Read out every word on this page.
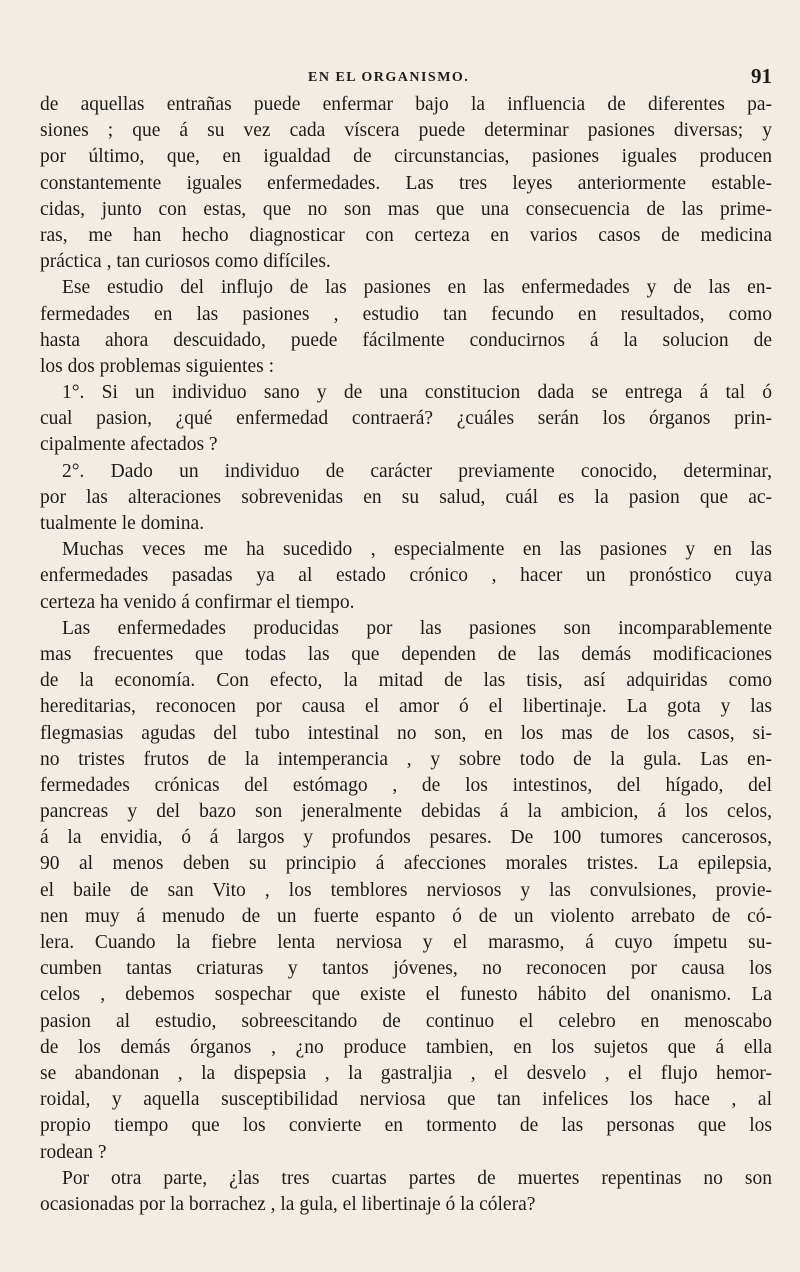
EN EL ORGANISMO.	91
de aquellas entrañas puede enfermar bajo la influencia de diferentes pa-
siones ; que á su vez cada víscera puede determinar pasiones diversas; y
por último, que, en igualdad de circunstancias, pasiones iguales producen
constantemente iguales enfermedades. Las tres leyes anteriormente estable-
cidas, junto con estas, que no son mas que una consecuencia de las prime-
ras, me han hecho diagnosticar con certeza en varios casos de medicina
práctica , tan curiosos como difíciles.
Ese estudio del influjo de las pasiones en las enfermedades y de las en-
fermedades en las pasiones , estudio tan fecundo en resultados, como
hasta ahora descuidado, puede fácilmente conducirnos á la solucion de
los dos problemas siguientes :
1°. Si un individuo sano y de una constitucion dada se entrega á tal ó
cual pasion, ¿qué enfermedad contraerá? ¿cuáles serán los órganos prin-
cipalmente afectados ?
2°. Dado un individuo de carácter previamente conocido, determinar,
por las alteraciones sobrevenidas en su salud, cuál es la pasion que ac-
tualmente le domina.
Muchas veces me ha sucedido , especialmente en las pasiones y en las
enfermedades pasadas ya al estado crónico , hacer un pronóstico cuya
certeza ha venido á confirmar el tiempo.
Las enfermedades producidas por las pasiones son incomparablemente
mas frecuentes que todas las que dependen de las demás modificaciones
de la economía. Con efecto, la mitad de las tisis, así adquiridas como
hereditarias, reconocen por causa el amor ó el libertinaje. La gota y las
flegmasias agudas del tubo intestinal no son, en los mas de los casos, si-
no tristes frutos de la intemperancia , y sobre todo de la gula. Las en-
fermedades crónicas del estómago , de los intestinos, del hígado, del
pancreas y del bazo son jeneralmente debidas á la ambicion, á los celos,
á la envidia, ó á largos y profundos pesares. De 100 tumores cancerosos,
90 al menos deben su principio á afecciones morales tristes. La epilepsia,
el baile de san Vito , los temblores nerviosos y las convulsiones, provie-
nen muy á menudo de un fuerte espanto ó de un violento arrebato de có-
lera. Cuando la fiebre lenta nerviosa y el marasmo, á cuyo ímpetu su-
cumben tantas criaturas y tantos jóvenes, no reconocen por causa los
celos , debemos sospechar que existe el funesto hábito del onanismo. La
pasion al estudio, sobreescitando de continuo el celebro en menoscabo
de los demás órganos , ¿no produce tambien, en los sujetos que á ella
se abandonan , la dispepsia , la gastraljia , el desvelo , el flujo hemor-
roidal, y aquella susceptibilidad nerviosa que tan infelices los hace , al
propio tiempo que los convierte en tormento de las personas que los
rodean ?
Por otra parte, ¿las tres cuartas partes de muertes repentinas no son
ocasionadas por la borrachez , la gula, el libertinaje ó la cólera?
